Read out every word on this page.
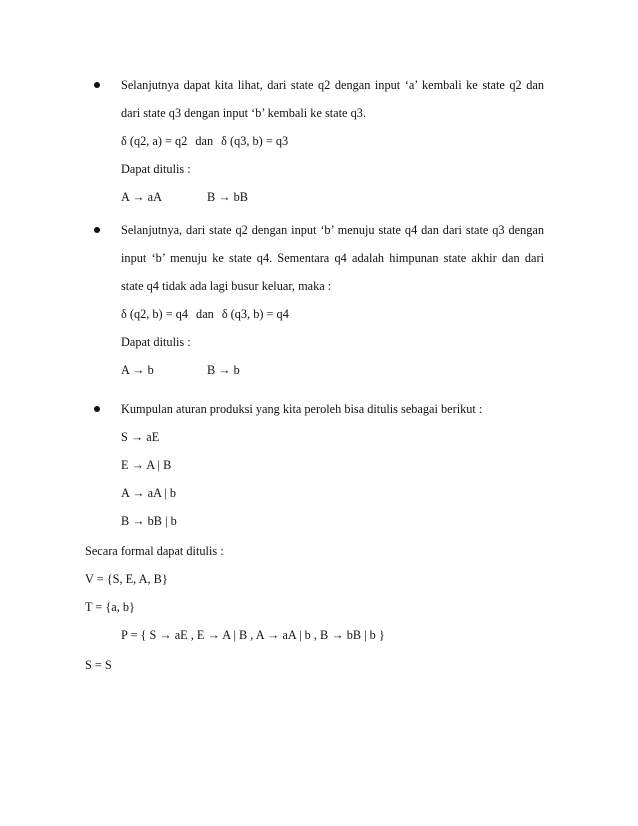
Selanjutnya dapat kita lihat, dari state q2 dengan input ‘a’ kembali ke state q2 dan
dari state q3 dengan input ‘b’ kembali ke state q3.
δ (q2, a) = q2 dan δ (q3, b) = q3
Dapat ditulis :
A → aA	B → bB
Selanjutnya, dari state q2 dengan input ‘b’ menuju state q4 dan dari state q3 dengan
input ‘b’ menuju ke state q4. Sementara q4 adalah himpunan state akhir dan dari
state q4 tidak ada lagi busur keluar, maka :
δ (q2, b) = q4 dan δ (q3, b) = q4
Dapat ditulis :
A → b	B → b
Kumpulan aturan produksi yang kita peroleh bisa ditulis sebagai berikut :
S → aE
E → A | B
A → aA | b
B → bB | b
Secara formal dapat ditulis :
V = {S, E, A, B}
T = {a, b}
P = { S → aE , E → A | B , A → aA | b , B → bB | b }
S = S
